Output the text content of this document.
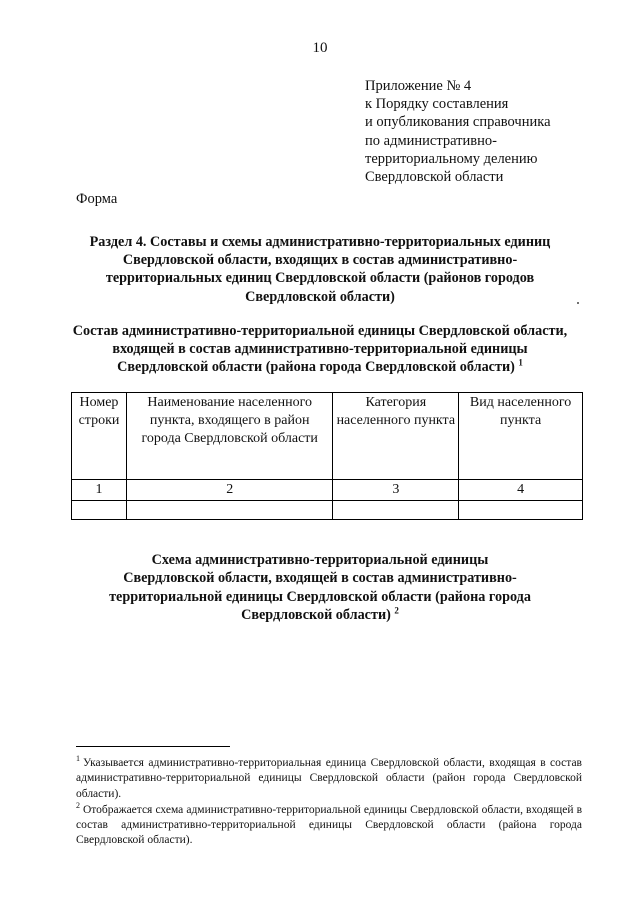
10
Приложение № 4
к Порядку составления
и опубликования справочника
по административно-
территориальному делению
Свердловской области
Форма
Раздел 4. Составы и схемы административно-территориальных единиц
Свердловской области, входящих в состав административно-
территориальных единиц Свердловской области (районов городов
Свердловской области)
Состав административно-территориальной единицы Свердловской области,
входящей в состав административно-территориальной единицы
Свердловской области (района города Свердловской области) $^1$
Номер строки	Наименование населенного пункта, входящего в район города Свердловской области	Категория населенного пункта	Вид населенного пункта
1	2	3	4

Схема административно-территориальной единицы
Свердловской области, входящей в состав административно-
территориальной единицы Свердловской области (района города
Свердловской области) $^2$

$^1$ Указывается административно-территориальная единица Свердловской области, входящая в состав административно-территориальной единицы Свердловской области (район города Свердловской области).

$^2$ Отображается схема административно-территориальной единицы Свердловской области, входящей в состав административно-территориальной единицы Свердловской области (района города Свердловской области).
